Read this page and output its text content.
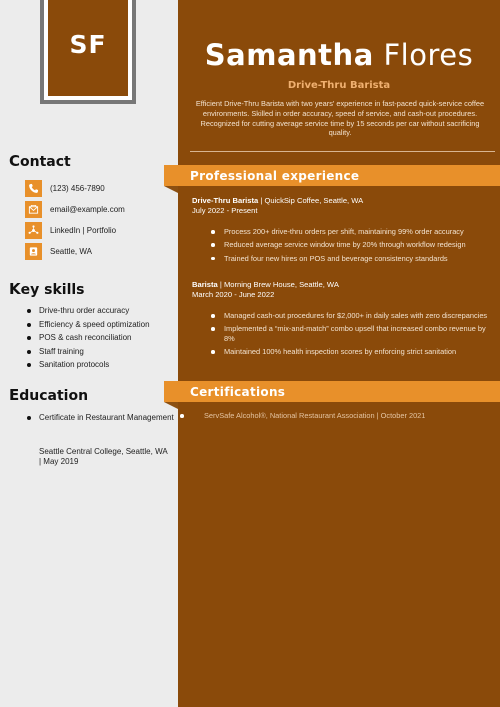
SF
Contact
(123) 456-7890
email@example.com
LinkedIn | Portfolio
Seattle, WA
Key skills
Drive-thru order accuracy
Efficiency & speed optimization
POS & cash reconciliation
Staff training
Sanitation protocols
Education
Certificate in Restaurant Management
Seattle Central College, Seattle, WA | May 2019
Samantha Flores
Drive-Thru Barista
Efficient Drive-Thru Barista with two years' experience in fast-paced quick-service coffee environments. Skilled in order accuracy, speed of service, and cash-out procedures. Recognized for cutting average service time by 15 seconds per car without sacrificing quality.
Professional experience
Drive-Thru Barista | QuickSip Coffee, Seattle, WA
July 2022 - Present
Process 200+ drive-thru orders per shift, maintaining 99% order accuracy
Reduced average service window time by 20% through workflow redesign
Trained four new hires on POS and beverage consistency standards
Barista | Morning Brew House, Seattle, WA
March 2020 - June 2022
Managed cash-out procedures for $2,000+ in daily sales with zero discrepancies
Implemented a “mix-and-match” combo upsell that increased combo revenue by 8%
Maintained 100% health inspection scores by enforcing strict sanitation
Certifications
ServSafe Alcohol®, National Restaurant Association | October 2021
